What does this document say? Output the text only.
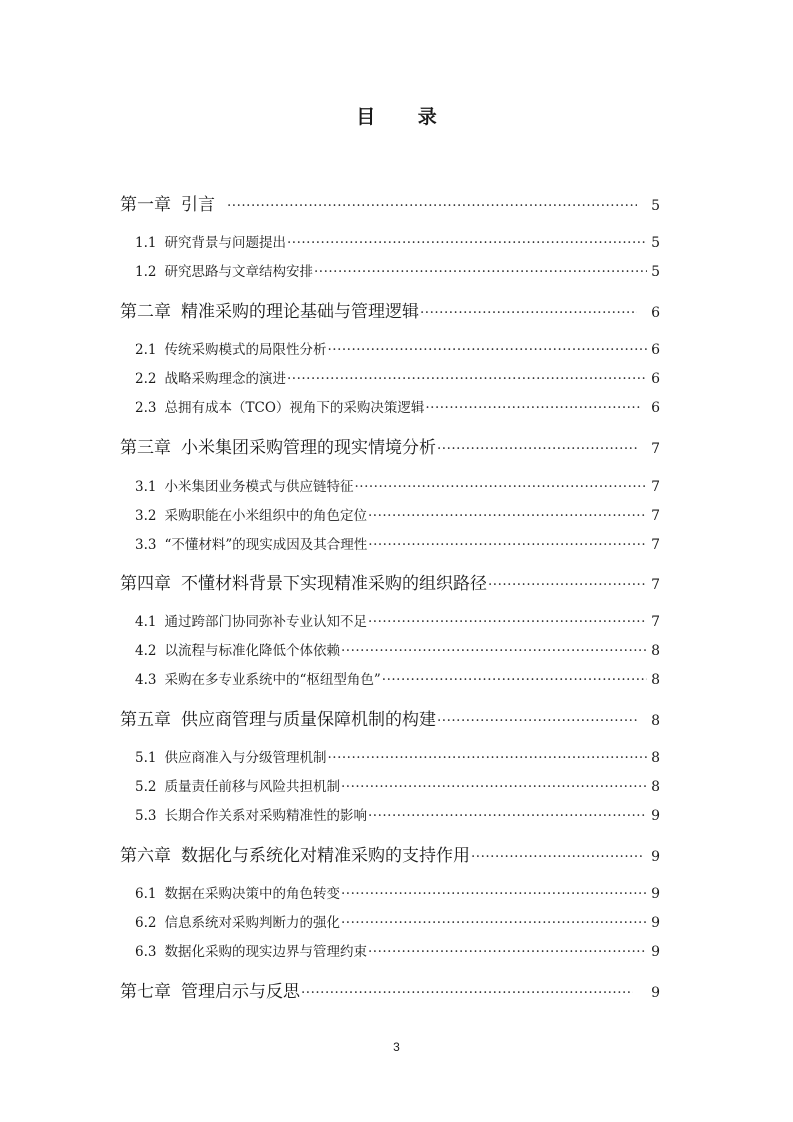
目 录
第一章 引言 ·····	5
1.1 研究背景与问题提出 ·····	5
1.2 研究思路与文章结构安排 ·····	5
第二章 精准采购的理论基础与管理逻辑 ·····	6
2.1 传统采购模式的局限性分析 ·····	6
2.2 战略采购理念的演进 ·····	6
2.3 总拥有成本（TCO）视角下的采购决策逻辑 ·····	6
第三章 小米集团采购管理的现实情境分析 ·····	7
3.1 小米集团业务模式与供应链特征 ·····	7
3.2 采购职能在小米组织中的角色定位 ·····	7
3.3 “不懂材料”的现实成因及其合理性 ·····	7
第四章 不懂材料背景下实现精准采购的组织路径 ·····	7
4.1 通过跨部门协同弥补专业认知不足 ·····	7
4.2 以流程与标准化降低个体依赖 ·····	8
4.3 采购在多专业系统中的“枢纽型角色” ·····	8
第五章 供应商管理与质量保障机制的构建 ·····	8
5.1 供应商准入与分级管理机制 ·····	8
5.2 质量责任前移与风险共担机制 ·····	8
5.3 长期合作关系对采购精准性的影响 ·····	9
第六章 数据化与系统化对精准采购的支持作用 ·····	9
6.1 数据在采购决策中的角色转变 ·····	9
6.2 信息系统对采购判断力的强化 ·····	9
6.3 数据化采购的现实边界与管理约束 ·····	9
第七章 管理启示与反思 ·····	9
3
